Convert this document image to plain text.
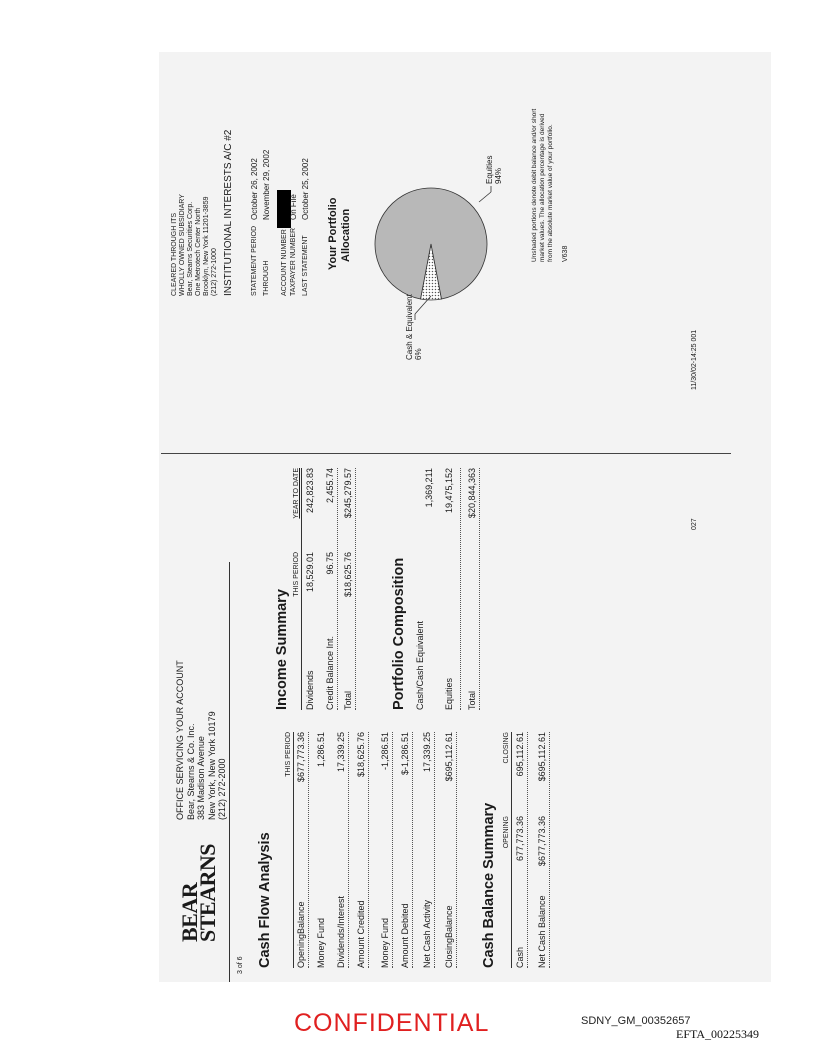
BEAR
STEARNS
3 of 6
OFFICE SERVICING YOUR ACCOUNT Bear, Stearns & Co. Inc. 383 Madison Avenue New York, New York 10179 (212) 272-2000
CLEARED THROUGH ITS WHOLLY OWNED SUBSIDIARY Bear, Stearns Securities Corp. One Metrotech Center North Brooklyn, New York 11201-3859 (212) 272-1000 INSTITUTIONAL INTERESTS A/C #2 STATEMENT PERIOD
October 26, 2002
THROUGH
November 29, 2002
ACCOUNT NUMBER TAXPAYER NUMBER
On File
LAST STATEMENT
October 25, 2002
Cash Flow Analysis
THIS PERIOD
OpeningBalance
$677,773.36
Money Fund
1,286.51
Dividends/Interest
17,339.25
Amount Credited
$18,625.76
Money Fund
-1,286.51
Amount Debited
$-1,286.51
Net Cash Activity
17,339.25
ClosingBalance
$695,112.61
Cash Balance Summary OPENING
CLOSING
Cash
677,773.36
695,112.61
Net Cash Balance
$677,773.36
$695,112.61
Income Summary
THIS PERIOD
YEAR TO DATE
Dividends
18,529.01
242,823.83
Credit Balance Int.
96.75
2,455.74
Total
$18,625.76
$245,279.57
Portfolio Composition Cash/Cash Equivalent
1,369,211
Equities
19,475,152
Total
$20,844,363
Your Portfolio Allocation
Cash & Equivalent 6%
Equities 94%	Unshaded portions denote debit balance and/or short market values. The allocation percentage is derived from the absolute market value of your portfolio. V638
027
11/30/02-14:25 001
CONFIDENTIAL	SDNY_GM_00352657
EFTA_00225349
